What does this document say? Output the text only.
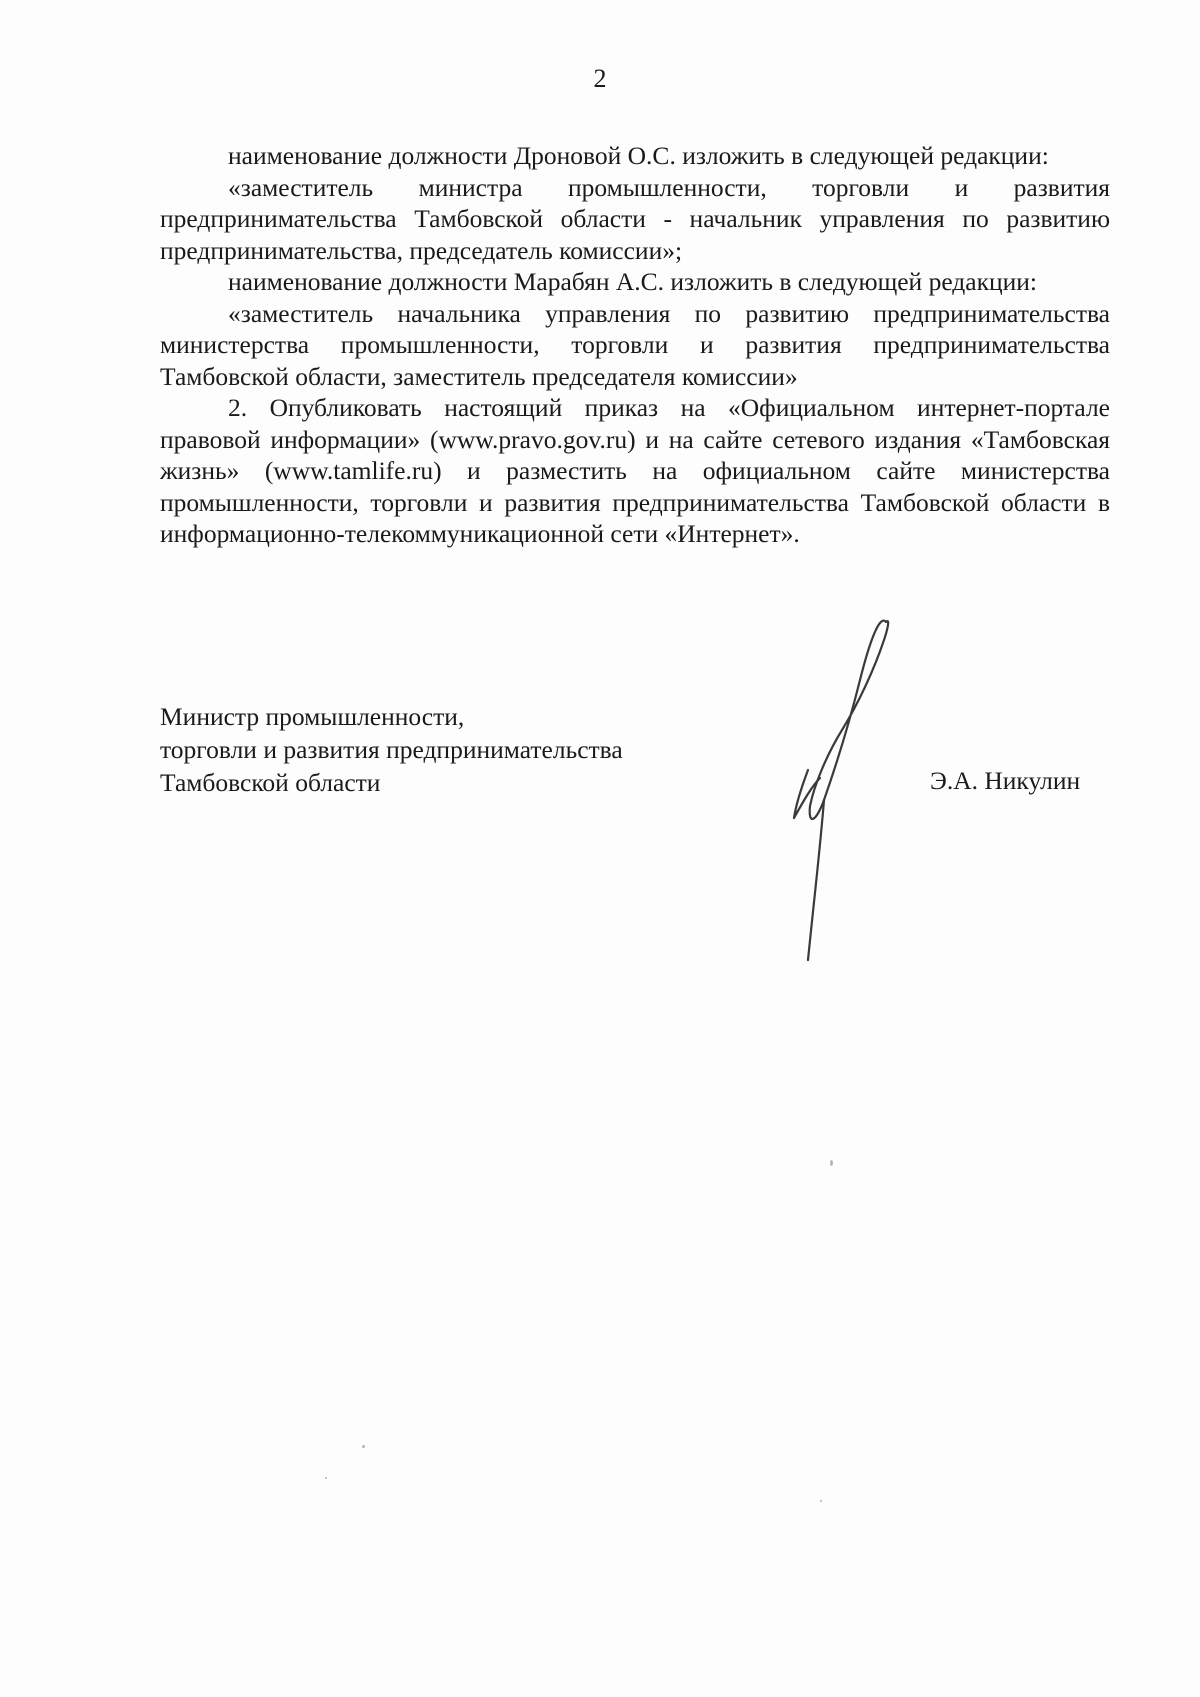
2

наименование должности Дроновой О.С. изложить в следующей редакции:

«заместитель министра промышленности, торговли и развития предпринимательства Тамбовской области - начальник управления по развитию предпринимательства, председатель комиссии»;

наименование должности Марабян А.С. изложить в следующей редакции:

«заместитель начальника управления по развитию предпринимательства министерства промышленности, торговли и развития предпринимательства Тамбовской области, заместитель председателя комиссии»

2. Опубликовать настоящий приказ на «Официальном интернет-портале правовой информации» (www.pravo.gov.ru) и на сайте сетевого издания «Тамбовская жизнь» (www.tamlife.ru) и разместить на официальном сайте министерства промышленности, торговли и развития предпринимательства Тамбовской области в информационно-телекоммуникационной сети «Интернет».

Министр промышленности,
торговли и развития предпринимательства
Тамбовской области	Э.А. Никулин
